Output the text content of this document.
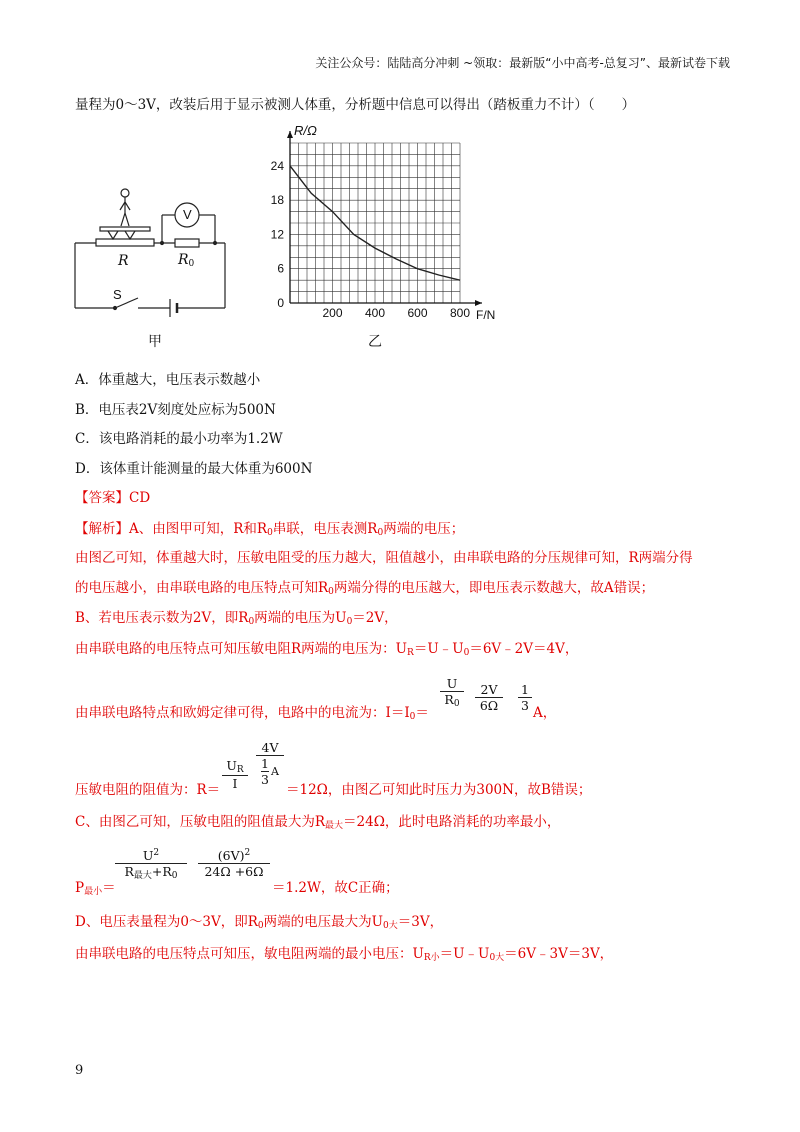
关注公众号：陆陆高分冲刺 ~领取：最新版“小中高考-总复习”、最新试卷下载
量程为0～3V，改装后用于显示被测人体重，分析题中信息可以得出（踏板重力不计）（　　）
V
R	$R_0$
S
甲
200 400 600 800
6
12
18
24
0
F/N
R/Ω
乙
A．体重越大，电压表示数越小
B．电压表2V刻度处应标为500N
C．该电路消耗的最小功率为1.2W
D．该体重计能测量的最大体重为600N
【答案】CD
【解析】A、由图甲可知，R和$R_0$串联，电压表测$R_0$两端的电压；
由图乙可知，体重越大时，压敏电阻受的压力越大，阻值越小，由串联电路的分压规律可知，R两端分得
的电压越小，由串联电路的电压特点可知$R_0$两端分得的电压越大，即电压表示数越大，故A错误；
B、若电压表示数为2V，即$R_0$两端的电压为$U_0=2V$，
由串联电路的电压特点可知压敏电阻R两端的电压为：$U_R=U﹣U_0=6V﹣2V=4V$，
由串联电路特点和欧姆定律可得，电路中的电流为：$I=I_0=$
$\frac{U}{R_0} \frac{2V}{6\Omega} \frac{1}{3}$ A，
压敏电阻的阻值为：$R= \frac{U_R}{I} 4V$
1
3
A
＝12Ω，由图乙可知此时压力为300N，故B错误；
C、由图乙可知，压敏电阻的阻值最大为$R_{最大}=24\Omega$，此时电路消耗的功率最小，
$P_{最小}=$
$U^2$
$R_{最大}+R_0$	$\frac{(6V)^2}{24\Omega +6\Omega}$
＝1.2W，故C正确；
D、电压表量程为0～3V，即$R_0$两端的电压最大为$U_{0大}=3V$，
由串联电路的电压特点可知压，敏电阻两端的最小电压：$U_{R小}=U﹣U_{0大}=6V﹣3V=3V$，
9
